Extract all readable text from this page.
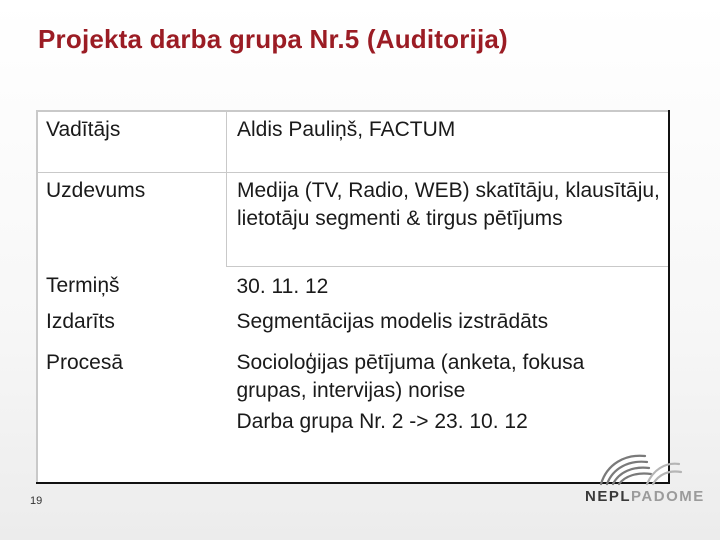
Projekta darba grupa Nr.5 (Auditorija)
Vadītājs	Aldis Pauliņš, FACTUM
Uzdevums	Medija (TV, Radio, WEB) skatītāju, klausītāju, lietotāju segmenti & tirgus pētījums
Termiņš	30. 11. 12
Izdarīts	Segmentācijas modelis izstrādāts
Procesā	Socioloģijas pētījuma (anketa, fokusa grupas, intervijas) norise
Darba grupa Nr. 2 -> 23. 10. 12
19	NEPLPADOME
